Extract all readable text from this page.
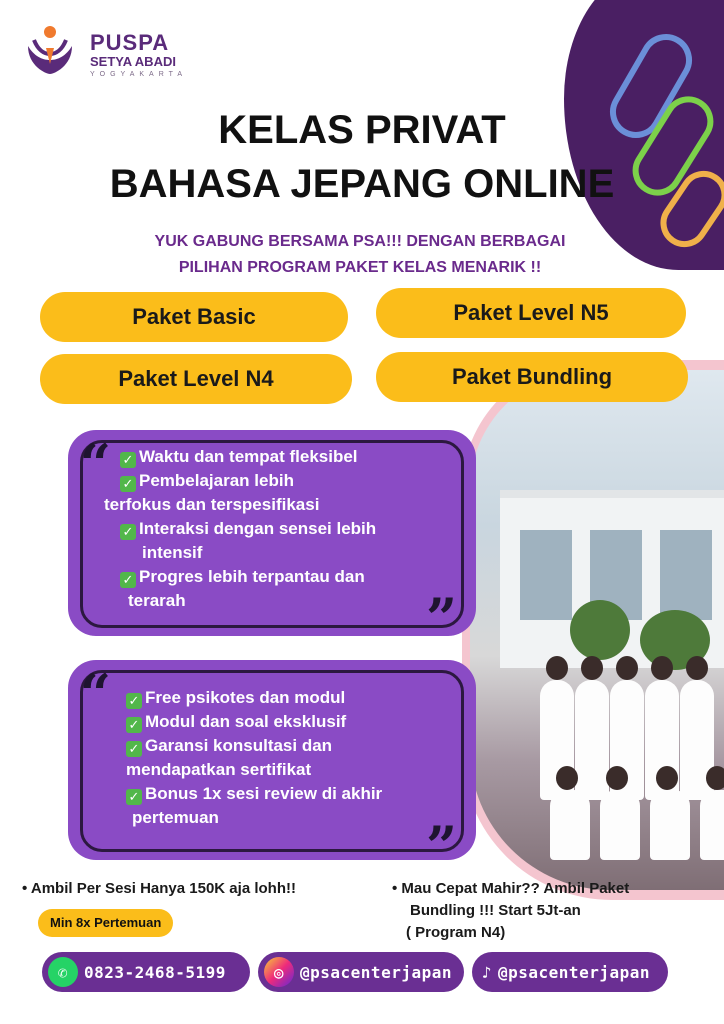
PUSPA
SETYA ABADI
YOGYAKARTA
KELAS PRIVAT
BAHASA JEPANG ONLINE
YUK GABUNG BERSAMA PSA!!! DENGAN BERBAGAI
PILIHAN PROGRAM PAKET KELAS MENARIK !!
Paket Basic	Paket Level N5
Paket Level N4	Paket Bundling
“ ✓ Waktu dan tempat fleksibel
✓ Pembelajaran lebih
terfokus dan terspesifikasi
✓ Interaksi dengan sensei lebih
intensif
✓ Progres lebih terpantau dan
terarah	”
“ ✓ Free psikotes dan modul
✓ Modul dan soal eksklusif
✓ Garansi konsultasi dan
mendapatkan sertifikat
✓ Bonus 1x sesi review di akhir
pertemuan	”
• Ambil Per Sesi Hanya 150K aja lohh!!
Min 8x Pertemuan
• Mau Cepat Mahir?? Ambil Paket
Bundling !!! Start 5Jt-an
( Program N4)
✆ 0823-2468-5199	◎ @psacenterjapan ♪ @psacenterjapan
